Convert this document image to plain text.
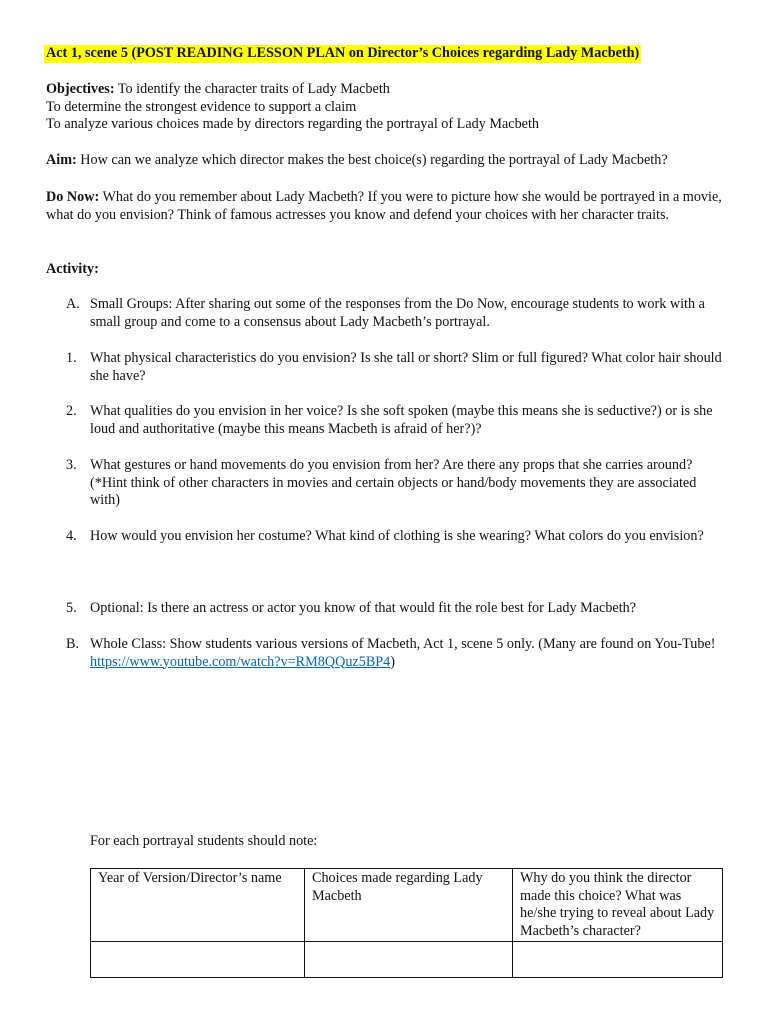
Act 1, scene 5 (POST READING LESSON PLAN on Director’s Choices regarding Lady Macbeth)

Objectives: To identify the character traits of Lady Macbeth

To determine the strongest evidence to support a claim

To analyze various choices made by directors regarding the portrayal of Lady Macbeth

Aim: How can we analyze which director makes the best choice(s) regarding the portrayal of Lady Macbeth?

Do Now: What do you remember about Lady Macbeth? If you were to picture how she would be portrayed in a movie, what do you envision? Think of famous actresses you know and defend your choices with her character traits.

Activity:

A. Small Groups: After sharing out some of the responses from the Do Now, encourage students to work with a small group and come to a consensus about Lady Macbeth’s portrayal.
1. What physical characteristics do you envision? Is she tall or short? Slim or full figured? What color hair should she have?
2. What qualities do you envision in her voice? Is she soft spoken (maybe this means she is seductive?) or is she loud and authoritative (maybe this means Macbeth is afraid of her?)?
3. What gestures or hand movements do you envision from her? Are there any props that she carries around? (*Hint think of other characters in movies and certain objects or hand/body movements they are associated with)
4. How would you envision her costume? What kind of clothing is she wearing? What colors do you envision?
5. Optional: Is there an actress or actor you know of that would fit the role best for Lady Macbeth?
B. Whole Class: Show students various versions of Macbeth, Act 1, scene 5 only. (Many are found on You-Tube! https://www.youtube.com/watch?v=RM8QQuz5BP4)

For each portrayal students should note:

Year of Version/Director’s name	Choices made regarding Lady Macbeth	Why do you think the director made this choice? What was he/she trying to reveal about Lady Macbeth’s character?
